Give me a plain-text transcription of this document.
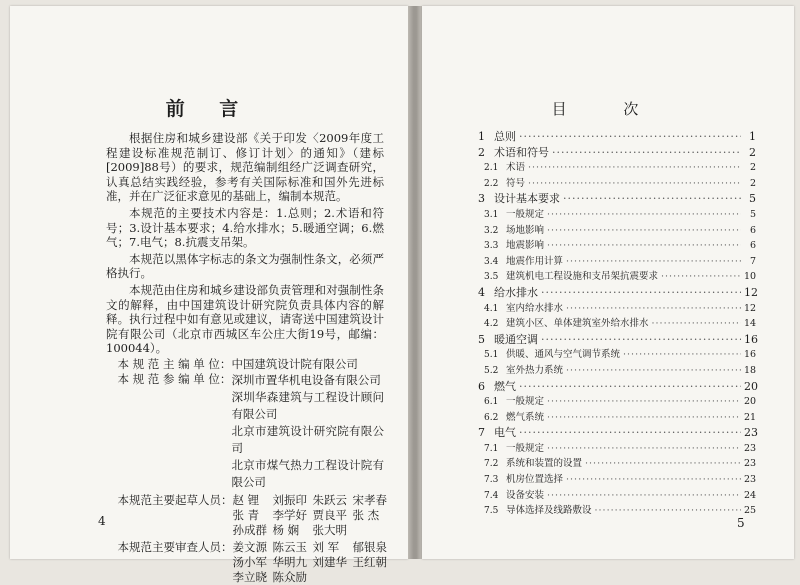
前 言

根据住房和城乡建设部《关于印发〈2009年度工程建设标准规范制订、修订计划〉的通知》（建标[2009]88号）的要求，规范编制组经广泛调查研究，认真总结实践经验，参考有关国际标准和国外先进标准，并在广泛征求意见的基础上，编制本规范。

本规范的主要技术内容是：1.总则；2.术语和符号；3.设计基本要求；4.给水排水；5.暖通空调；6.燃气；7.电气；8.抗震支吊架。

本规范以黑体字标志的条文为强制性条文，必须严格执行。

本规范由住房和城乡建设部负责管理和对强制性条文的解释，由中国建筑设计研究院负责具体内容的解释。执行过程中如有意见或建议，请寄送中国建筑设计院有限公司（北京市西城区车公庄大街19号，邮编：100044）。

本 规 范 主 编 单 位： 中国建筑设计院有限公司
本 规 范 参 编 单 位： 深圳市置华机电设备有限公司
深圳华森建筑与工程设计顾问有限公司
北京市建筑设计研究院有限公司
北京市煤气热力工程设计院有限公司
本规范主要起草人员： 赵 锂	刘振印 朱跃云 宋孝春
张 青	李学好 贾良平 张 杰
孙成群 杨 娴	张大明
本规范主要审查人员： 姜文源 陈云玉 刘 军	郁银泉
汤小军 华明九 刘建华 王红朝
李立晓 陈众励
4
目 次
5
1 总则 ·····	1
2 术语和符号 ·····	2
2.1 术语 ·····	2
2.2 符号 ·····	2
3 设计基本要求 ·····	5
3.1 一般规定 ·····	5
3.2 场地影响 ·····	6
3.3 地震影响 ·····	6
3.4 地震作用计算 ·····	7
3.5 建筑机电工程设施和支吊架抗震要求 ·····	10
4 给水排水 ·····	12
4.1 室内给水排水 ·····	12
4.2 建筑小区、单体建筑室外给水排水 ·····	14
5 暖通空调 ·····	16
5.1 供暖、通风与空气调节系统 ·····	16
5.2 室外热力系统 ·····	18
6 燃气 ·····	20
6.1 一般规定 ·····	20
6.2 燃气系统 ·····	21
7 电气 ·····	23
7.1 一般规定 ·····	23
7.2 系统和装置的设置 ·····	23
7.3 机房位置选择 ·····	23
7.4 设备安装 ·····	24
7.5 导体选择及线路敷设 ·····	25
